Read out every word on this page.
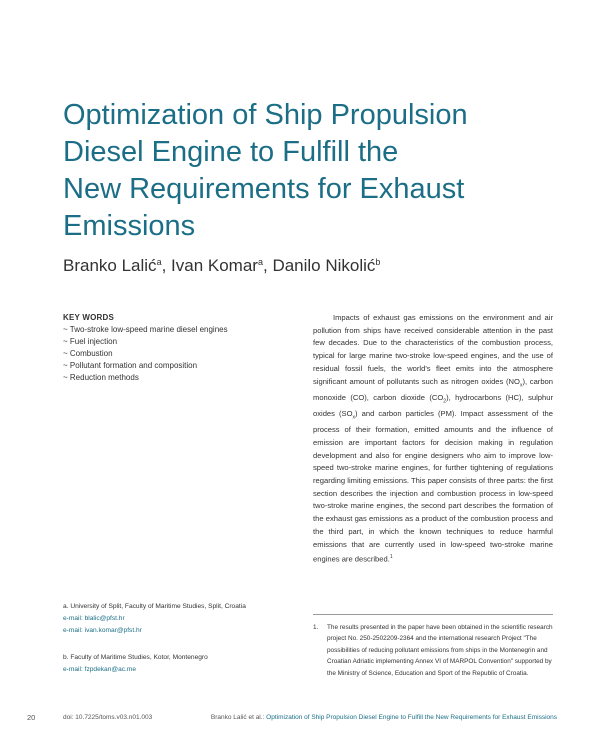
Optimization of Ship Propulsion
Diesel Engine to Fulfill the
New Requirements for Exhaust
Emissions
Branko Lalić$^a$, Ivan Komar$^a$, Danilo Nikolić$^b$
KEY WORDS
~ Two-stroke low-speed marine diesel engines
~ Fuel injection
~ Combustion
~ Pollutant formation and composition
~ Reduction methods

Impacts of exhaust gas emissions on the environment and air pollution from ships have received considerable attention in the past few decades. Due to the characteristics of the combustion process, typical for large marine two-stroke low-speed engines, and the use of residual fossil fuels, the world's fleet emits into the atmosphere significant amount of pollutants such as nitrogen oxides $(NO_x)$, carbon monoxide (CO), carbon dioxide $(CO_2)$, hydrocarbons (HC), sulphur oxides $(SO_x)$ and carbon particles (PM). Impact assessment of the process of their formation, emitted amounts and the influence of emission are important factors for decision making in regulation development and also for engine designers who aim to improve low-speed two-stroke marine engines, for further tightening of regulations regarding limiting emissions. This paper consists of three parts: the first section describes the injection and combustion process in low-speed two-stroke marine engines, the second part describes the formation of the exhaust gas emissions as a product of the combustion process and the third part, in which the known techniques to reduce harmful emissions that are currently used in low-speed two-stroke marine engines are described.$^1$

a. University of Split, Faculty of Maritime Studies, Split, Croatia
e-mail: blalic@pfst.hr
e-mail: ivan.komar@pfst.hr
b. Faculty of Maritime Studies, Kotor, Montenegro
e-mail: fzpdekan@ac.me
1.	The results presented in the paper have been obtained in the scientific research project No. 250-2502209-2364 and the international research Project "The possibilities of reducing pollutant emissions from ships in the Montenegrin and Croatian Adriatic implementing Annex VI of MARPOL Convention" supported by the Ministry of Science, Education and Sport of the Republic of Croatia.
20	doi: 10.7225/toms.v03.n01.003	Branko Lalić et al.: Optimization of Ship Propulsion Diesel Engine to Fulfill the New Requirements for Exhaust Emissions
